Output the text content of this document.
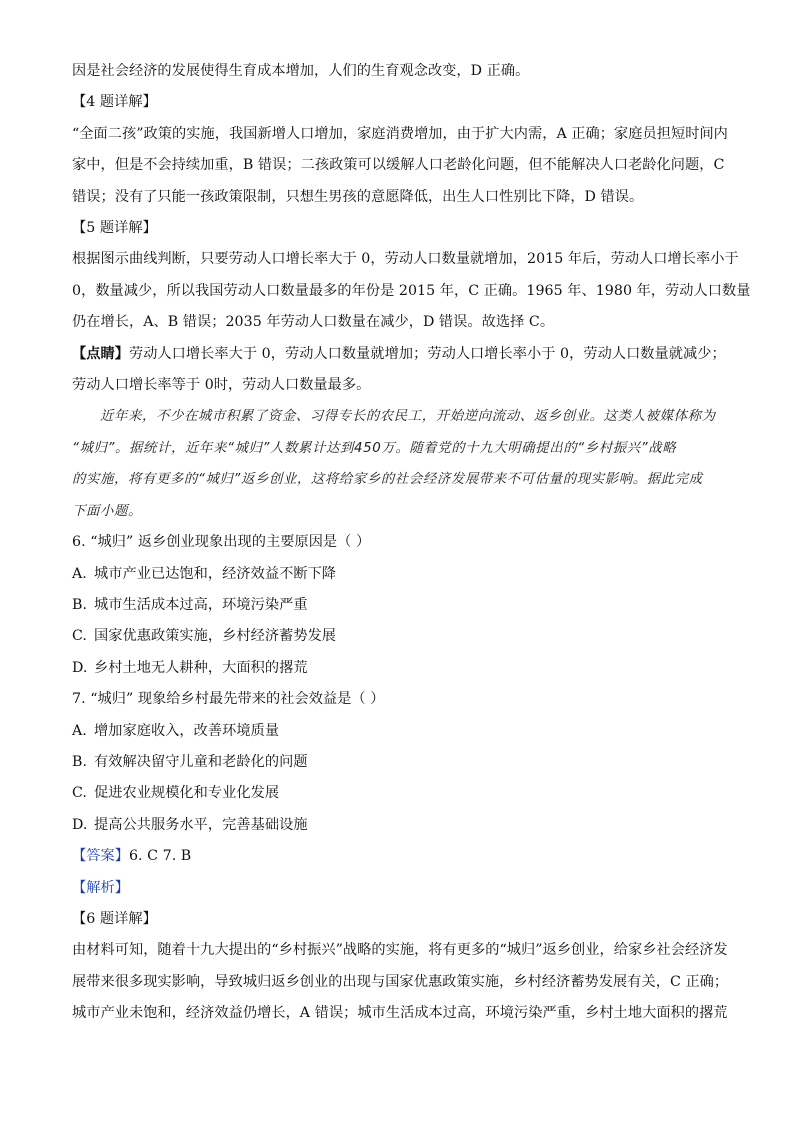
因是社会经济的发展使得生育成本增加，人们的生育观念改变，D 正确。
【4 题详解】
“全面二孩”政策的实施，我国新增人口增加，家庭消费增加，由于扩大内需，A 正确；家庭员担短时间内
家中，但是不会持续加重，B 错误；二孩政策可以缓解人口老龄化问题，但不能解决人口老龄化问题，C
错误；没有了只能一孩政策限制，只想生男孩的意愿降低，出生人口性别比下降，D 错误。
【5 题详解】
根据图示曲线判断，只要劳动人口增长率大于 0，劳动人口数量就增加，2015 年后，劳动人口增长率小于
0，数量减少，所以我国劳动人口数量最多的年份是 2015 年，C 正确。1965 年、1980 年，劳动人口数量
仍在增长，A、B 错误；2035 年劳动人口数量在减少，D 错误。故选择 C。
【点睛】劳动人口增长率大于 0，劳动人口数量就增加；劳动人口增长率小于 0，劳动人口数量就减少；
劳动人口增长率等于 0时，劳动人口数量最多。
近年来，不少在城市积累了资金、习得专长的农民工，开始逆向流动、返乡创业。这类人被媒体称为
“城归”。据统计，近年来“城归”人数累计达到450万。随着党的十九大明确提出的“乡村振兴”战略
的实施，将有更多的“城归”返乡创业，这将给家乡的社会经济发展带来不可估量的现实影响。据此完成
下面小题。
6. “城归” 返乡创业现象出现的主要原因是（ ）
A. 城市产业已达饱和，经济效益不断下降
B. 城市生活成本过高，环境污染严重
C. 国家优惠政策实施，乡村经济蓄势发展
D. 乡村土地无人耕种，大面积的撂荒
7. “城归” 现象给乡村最先带来的社会效益是（ ）
A. 增加家庭收入，改善环境质量
B. 有效解决留守儿童和老龄化的问题
C. 促进农业规模化和专业化发展
D. 提高公共服务水平，完善基础设施
【答案】6. C 7. B
【解析】
【6 题详解】
由材料可知，随着十九大提出的“乡村振兴”战略的实施，将有更多的“城归”返乡创业，给家乡社会经济发
展带来很多现实影响，导致城归返乡创业的出现与国家优惠政策实施，乡村经济蓄势发展有关，C 正确；
城市产业未饱和，经济效益仍增长，A 错误；城市生活成本过高，环境污染严重，乡村土地大面积的撂荒
